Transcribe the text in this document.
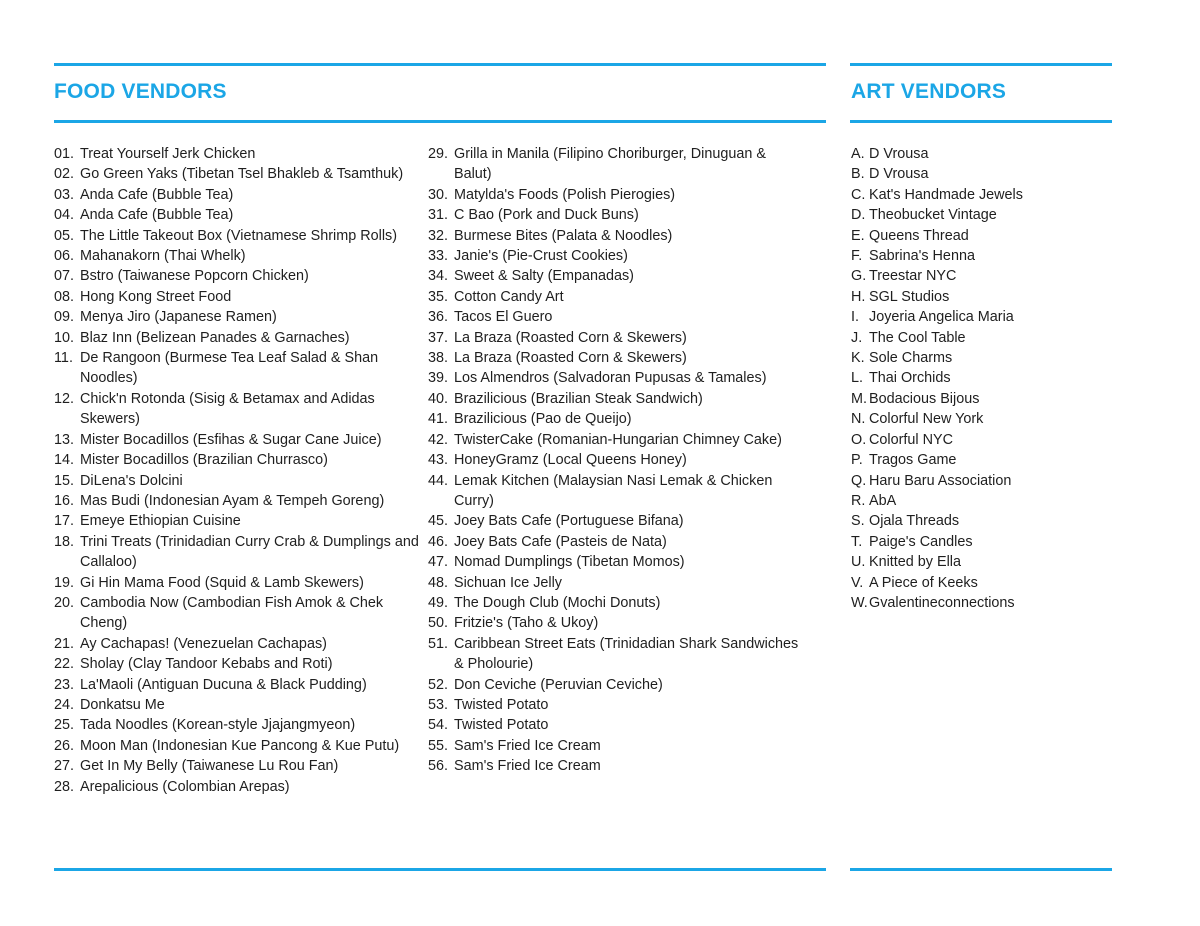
FOOD VENDORS	ART VENDORS
01. Treat Yourself Jerk Chicken
02. Go Green Yaks (Tibetan Tsel Bhakleb & Tsamthuk)
03. Anda Cafe (Bubble Tea)
04. Anda Cafe (Bubble Tea)
05. The Little Takeout Box (Vietnamese Shrimp Rolls)
06. Mahanakorn (Thai Whelk)
07. Bstro (Taiwanese Popcorn Chicken)
08. Hong Kong Street Food
09. Menya Jiro (Japanese Ramen)
10. Blaz Inn (Belizean Panades & Garnaches)
11. De Rangoon (Burmese Tea Leaf Salad & Shan Noodles)
12. Chick'n Rotonda (Sisig & Betamax and Adidas Skewers)
13. Mister Bocadillos (Esfihas & Sugar Cane Juice)
14. Mister Bocadillos (Brazilian Churrasco)
15. DiLena's Dolcini
16. Mas Budi (Indonesian Ayam & Tempeh Goreng)
17. Emeye Ethiopian Cuisine
18. Trini Treats (Trinidadian Curry Crab & Dumplings and Callaloo)
19. Gi Hin Mama Food (Squid & Lamb Skewers)
20. Cambodia Now (Cambodian Fish Amok & Chek Cheng)
21. Ay Cachapas! (Venezuelan Cachapas)
22. Sholay (Clay Tandoor Kebabs and Roti)
23. La'Maoli (Antiguan Ducuna & Black Pudding)
24. Donkatsu Me
25. Tada Noodles (Korean-style Jjajangmyeon)
26. Moon Man (Indonesian Kue Pancong & Kue Putu)
27. Get In My Belly (Taiwanese Lu Rou Fan)
28. Arepalicious (Colombian Arepas)
29. Grilla in Manila (Filipino Choriburger, Dinuguan & Balut)
30. Matylda's Foods (Polish Pierogies)
31. C Bao (Pork and Duck Buns)
32. Burmese Bites (Palata & Noodles)
33. Janie's (Pie-Crust Cookies)
34. Sweet & Salty (Empanadas)
35. Cotton Candy Art
36. Tacos El Guero
37. La Braza (Roasted Corn & Skewers)
38. La Braza (Roasted Corn & Skewers)
39. Los Almendros (Salvadoran Pupusas & Tamales)
40. Brazilicious (Brazilian Steak Sandwich)
41. Brazilicious (Pao de Queijo)
42. TwisterCake (Romanian-Hungarian Chimney Cake)
43. HoneyGramz (Local Queens Honey)
44. Lemak Kitchen (Malaysian Nasi Lemak & Chicken Curry)
45. Joey Bats Cafe (Portuguese Bifana)
46. Joey Bats Cafe (Pasteis de Nata)
47. Nomad Dumplings (Tibetan Momos)
48. Sichuan Ice Jelly
49. The Dough Club (Mochi Donuts)
50. Fritzie's (Taho & Ukoy)
51. Caribbean Street Eats (Trinidadian Shark Sandwiches & Pholourie)
52. Don Ceviche (Peruvian Ceviche)
53. Twisted Potato
54. Twisted Potato
55. Sam's Fried Ice Cream
56. Sam's Fried Ice Cream
A. D Vrousa
B. D Vrousa
C. Kat's Handmade Jewels
D. Theobucket Vintage
E. Queens Thread
F. Sabrina's Henna
G. Treestar NYC
H. SGL Studios
I. Joyeria Angelica Maria
J. The Cool Table
K. Sole Charms
L. Thai Orchids
M. Bodacious Bijous
N. Colorful New York
O. Colorful NYC
P. Tragos Game
Q. Haru Baru Association
R. AbA
S. Ojala Threads
T. Paige's Candles
U. Knitted by Ella
V. A Piece of Keeks
W. Gvalentineconnections
